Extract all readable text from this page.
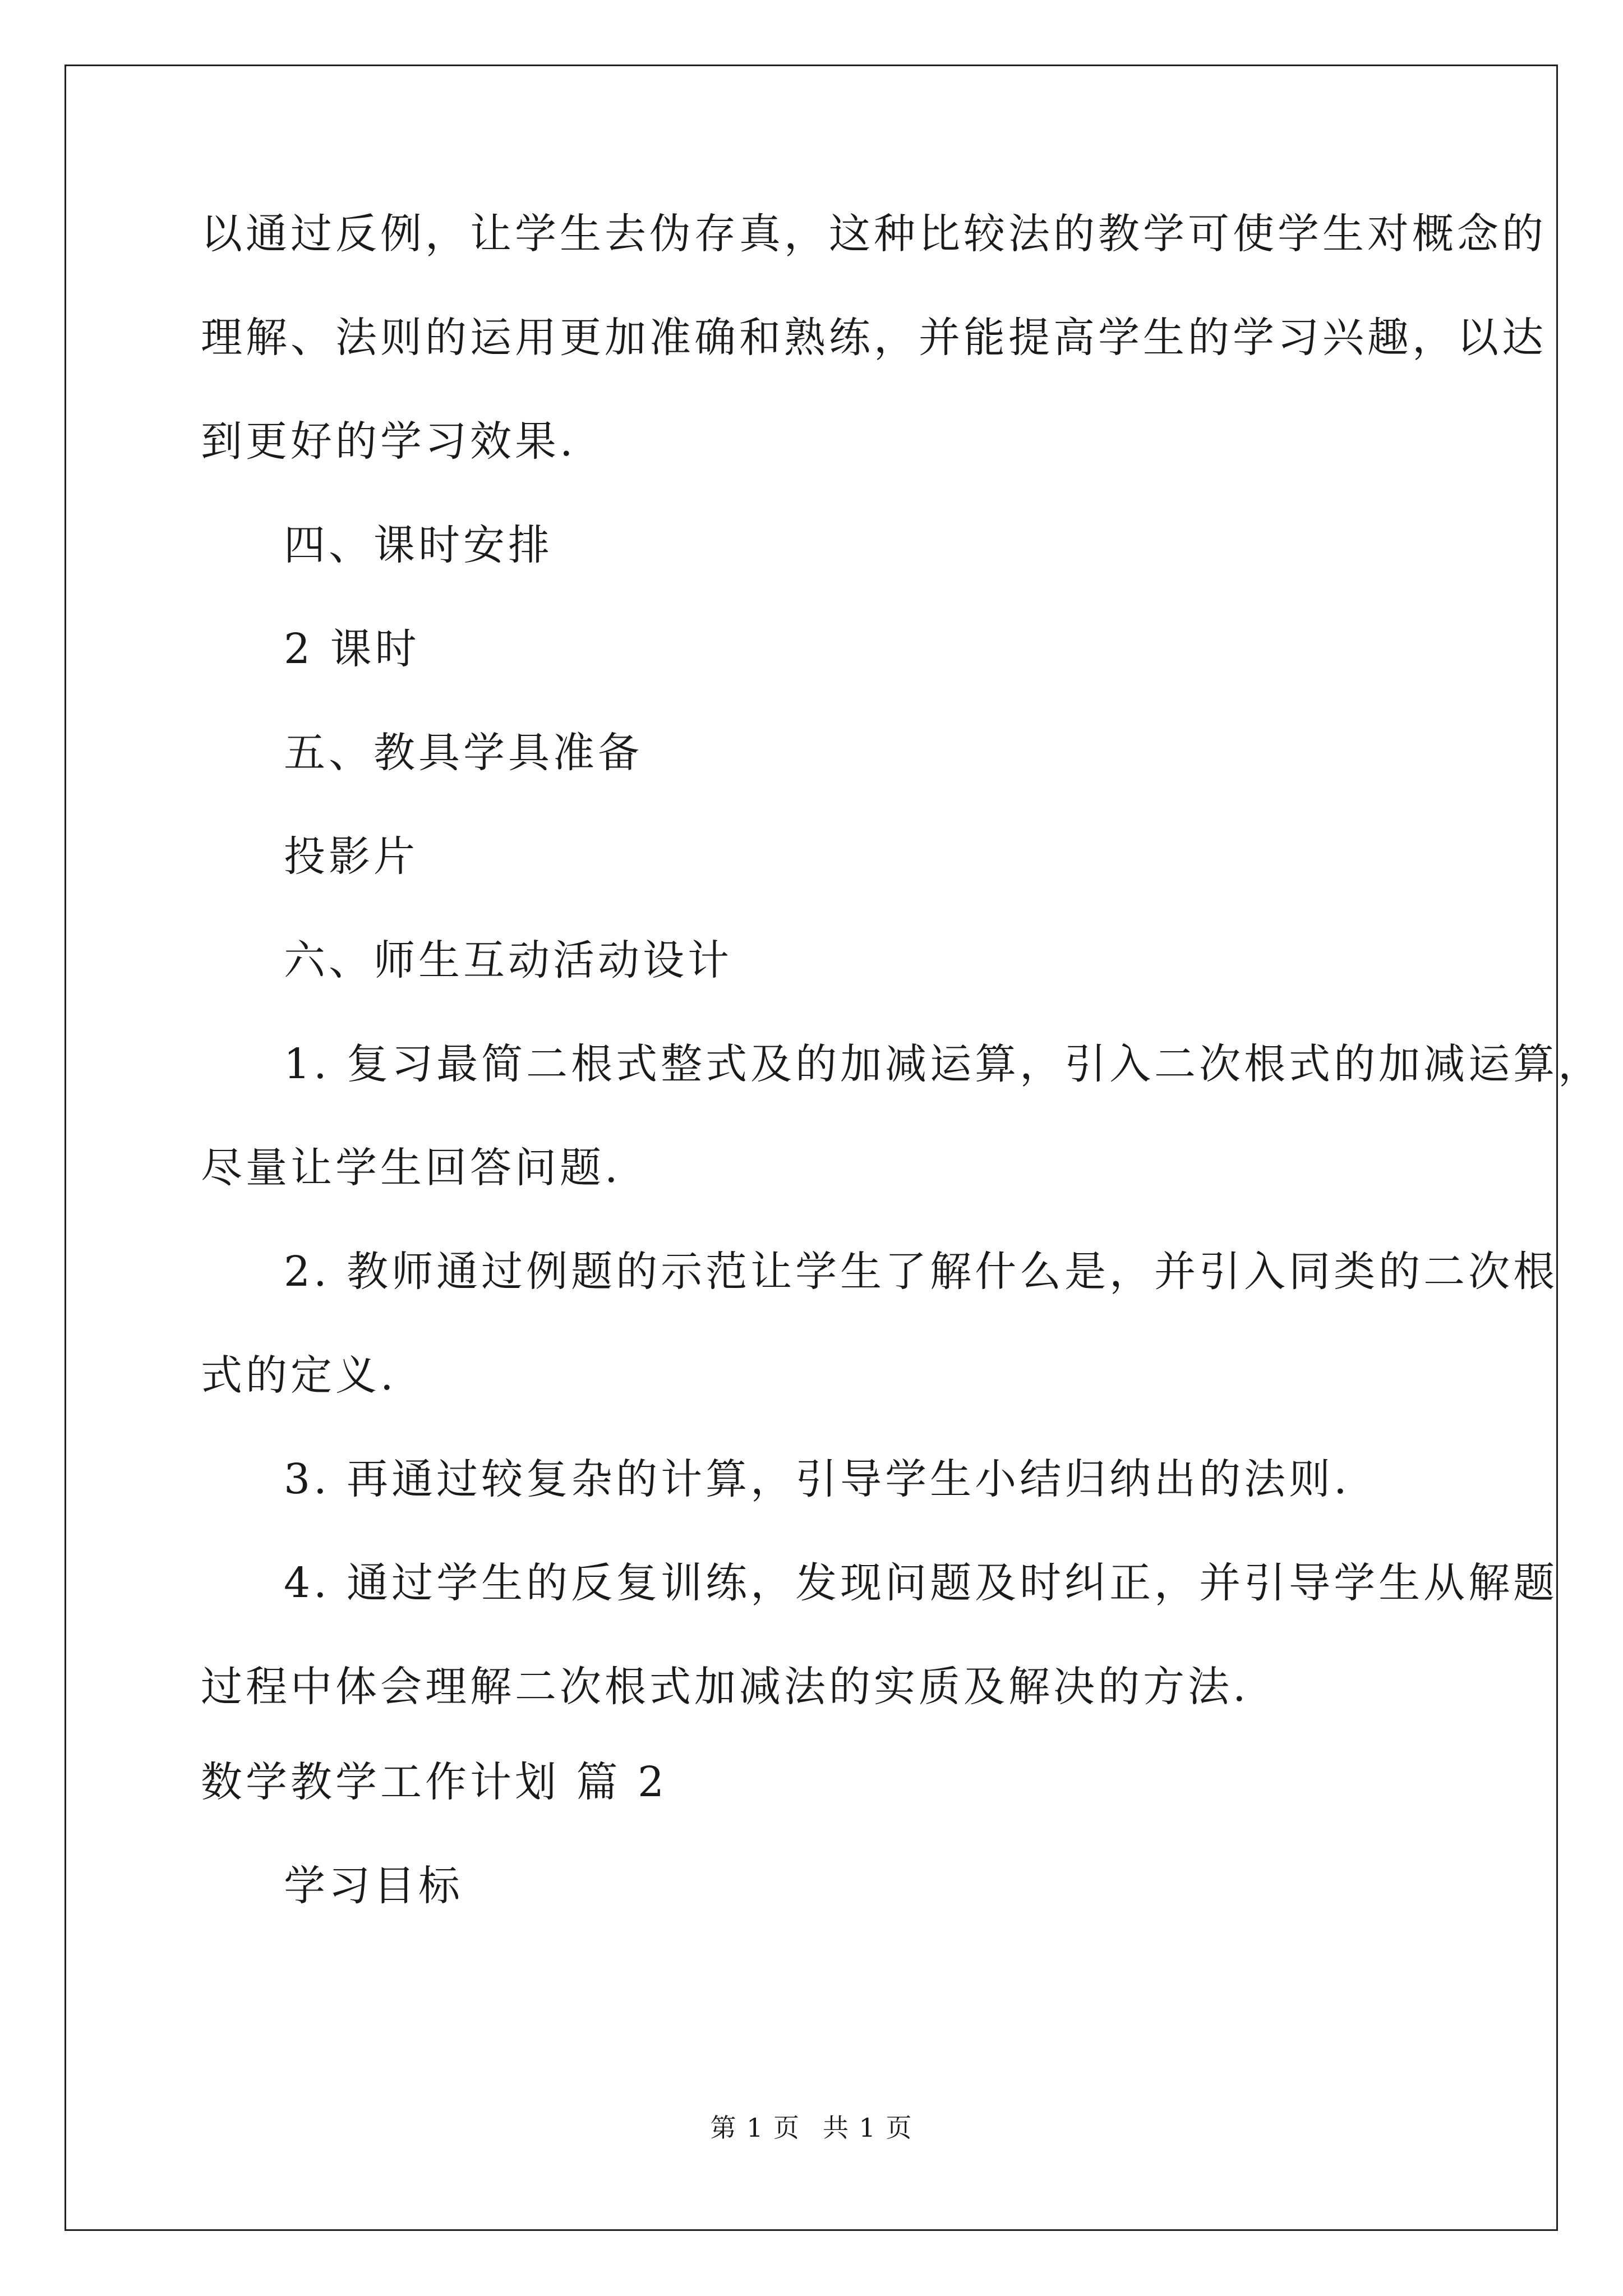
以通过反例，让学生去伪存真，这种比较法的教学可使学生对概念的
理解、法则的运用更加准确和熟练，并能提高学生的学习兴趣，以达
到更好的学习效果.
四、课时安排
2 课时
五、教具学具准备
投影片
六、师生互动活动设计
1. 复习最简二根式整式及的加减运算，引入二次根式的加减运算，
尽量让学生回答问题.
2. 教师通过例题的示范让学生了解什么是，并引入同类的二次根
式的定义.
3. 再通过较复杂的计算，引导学生小结归纳出的法则.
4. 通过学生的反复训练，发现问题及时纠正，并引导学生从解题
过程中体会理解二次根式加减法的实质及解决的方法.
数学教学工作计划 篇 2
学习目标
第 1 页 共 1 页
